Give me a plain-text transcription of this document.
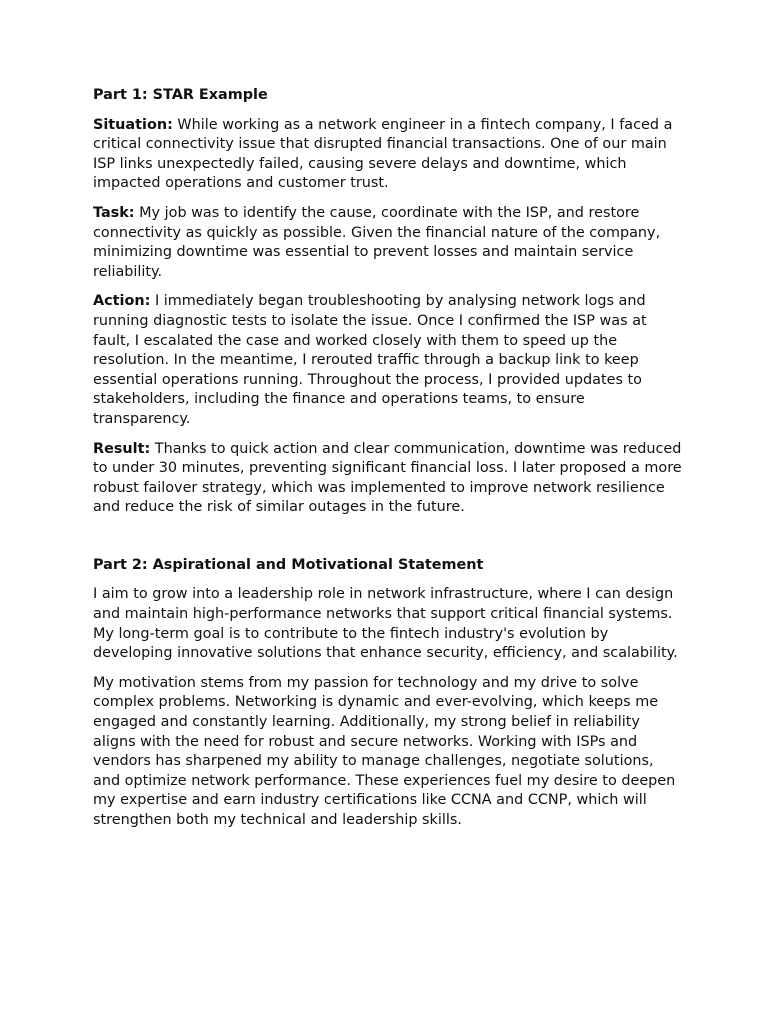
Part 1: STAR Example

Situation: While working as a network engineer in a fintech company, I faced a critical connectivity issue that disrupted financial transactions. One of our main ISP links unexpectedly failed, causing severe delays and downtime, which impacted operations and customer trust.

Task: My job was to identify the cause, coordinate with the ISP, and restore connectivity as quickly as possible. Given the financial nature of the company, minimizing downtime was essential to prevent losses and maintain service reliability.

Action: I immediately began troubleshooting by analysing network logs and running diagnostic tests to isolate the issue. Once I confirmed the ISP was at fault, I escalated the case and worked closely with them to speed up the resolution. In the meantime, I rerouted traffic through a backup link to keep essential operations running. Throughout the process, I provided updates to stakeholders, including the finance and operations teams, to ensure transparency.

Result: Thanks to quick action and clear communication, downtime was reduced to under 30 minutes, preventing significant financial loss. I later proposed a more robust failover strategy, which was implemented to improve network resilience and reduce the risk of similar outages in the future.

Part 2: Aspirational and Motivational Statement

I aim to grow into a leadership role in network infrastructure, where I can design and maintain high-performance networks that support critical financial systems. My long-term goal is to contribute to the fintech industry's evolution by developing innovative solutions that enhance security, efficiency, and scalability.

My motivation stems from my passion for technology and my drive to solve complex problems. Networking is dynamic and ever-evolving, which keeps me engaged and constantly learning. Additionally, my strong belief in reliability aligns with the need for robust and secure networks. Working with ISPs and vendors has sharpened my ability to manage challenges, negotiate solutions, and optimize network performance. These experiences fuel my desire to deepen my expertise and earn industry certifications like CCNA and CCNP, which will strengthen both my technical and leadership skills.
